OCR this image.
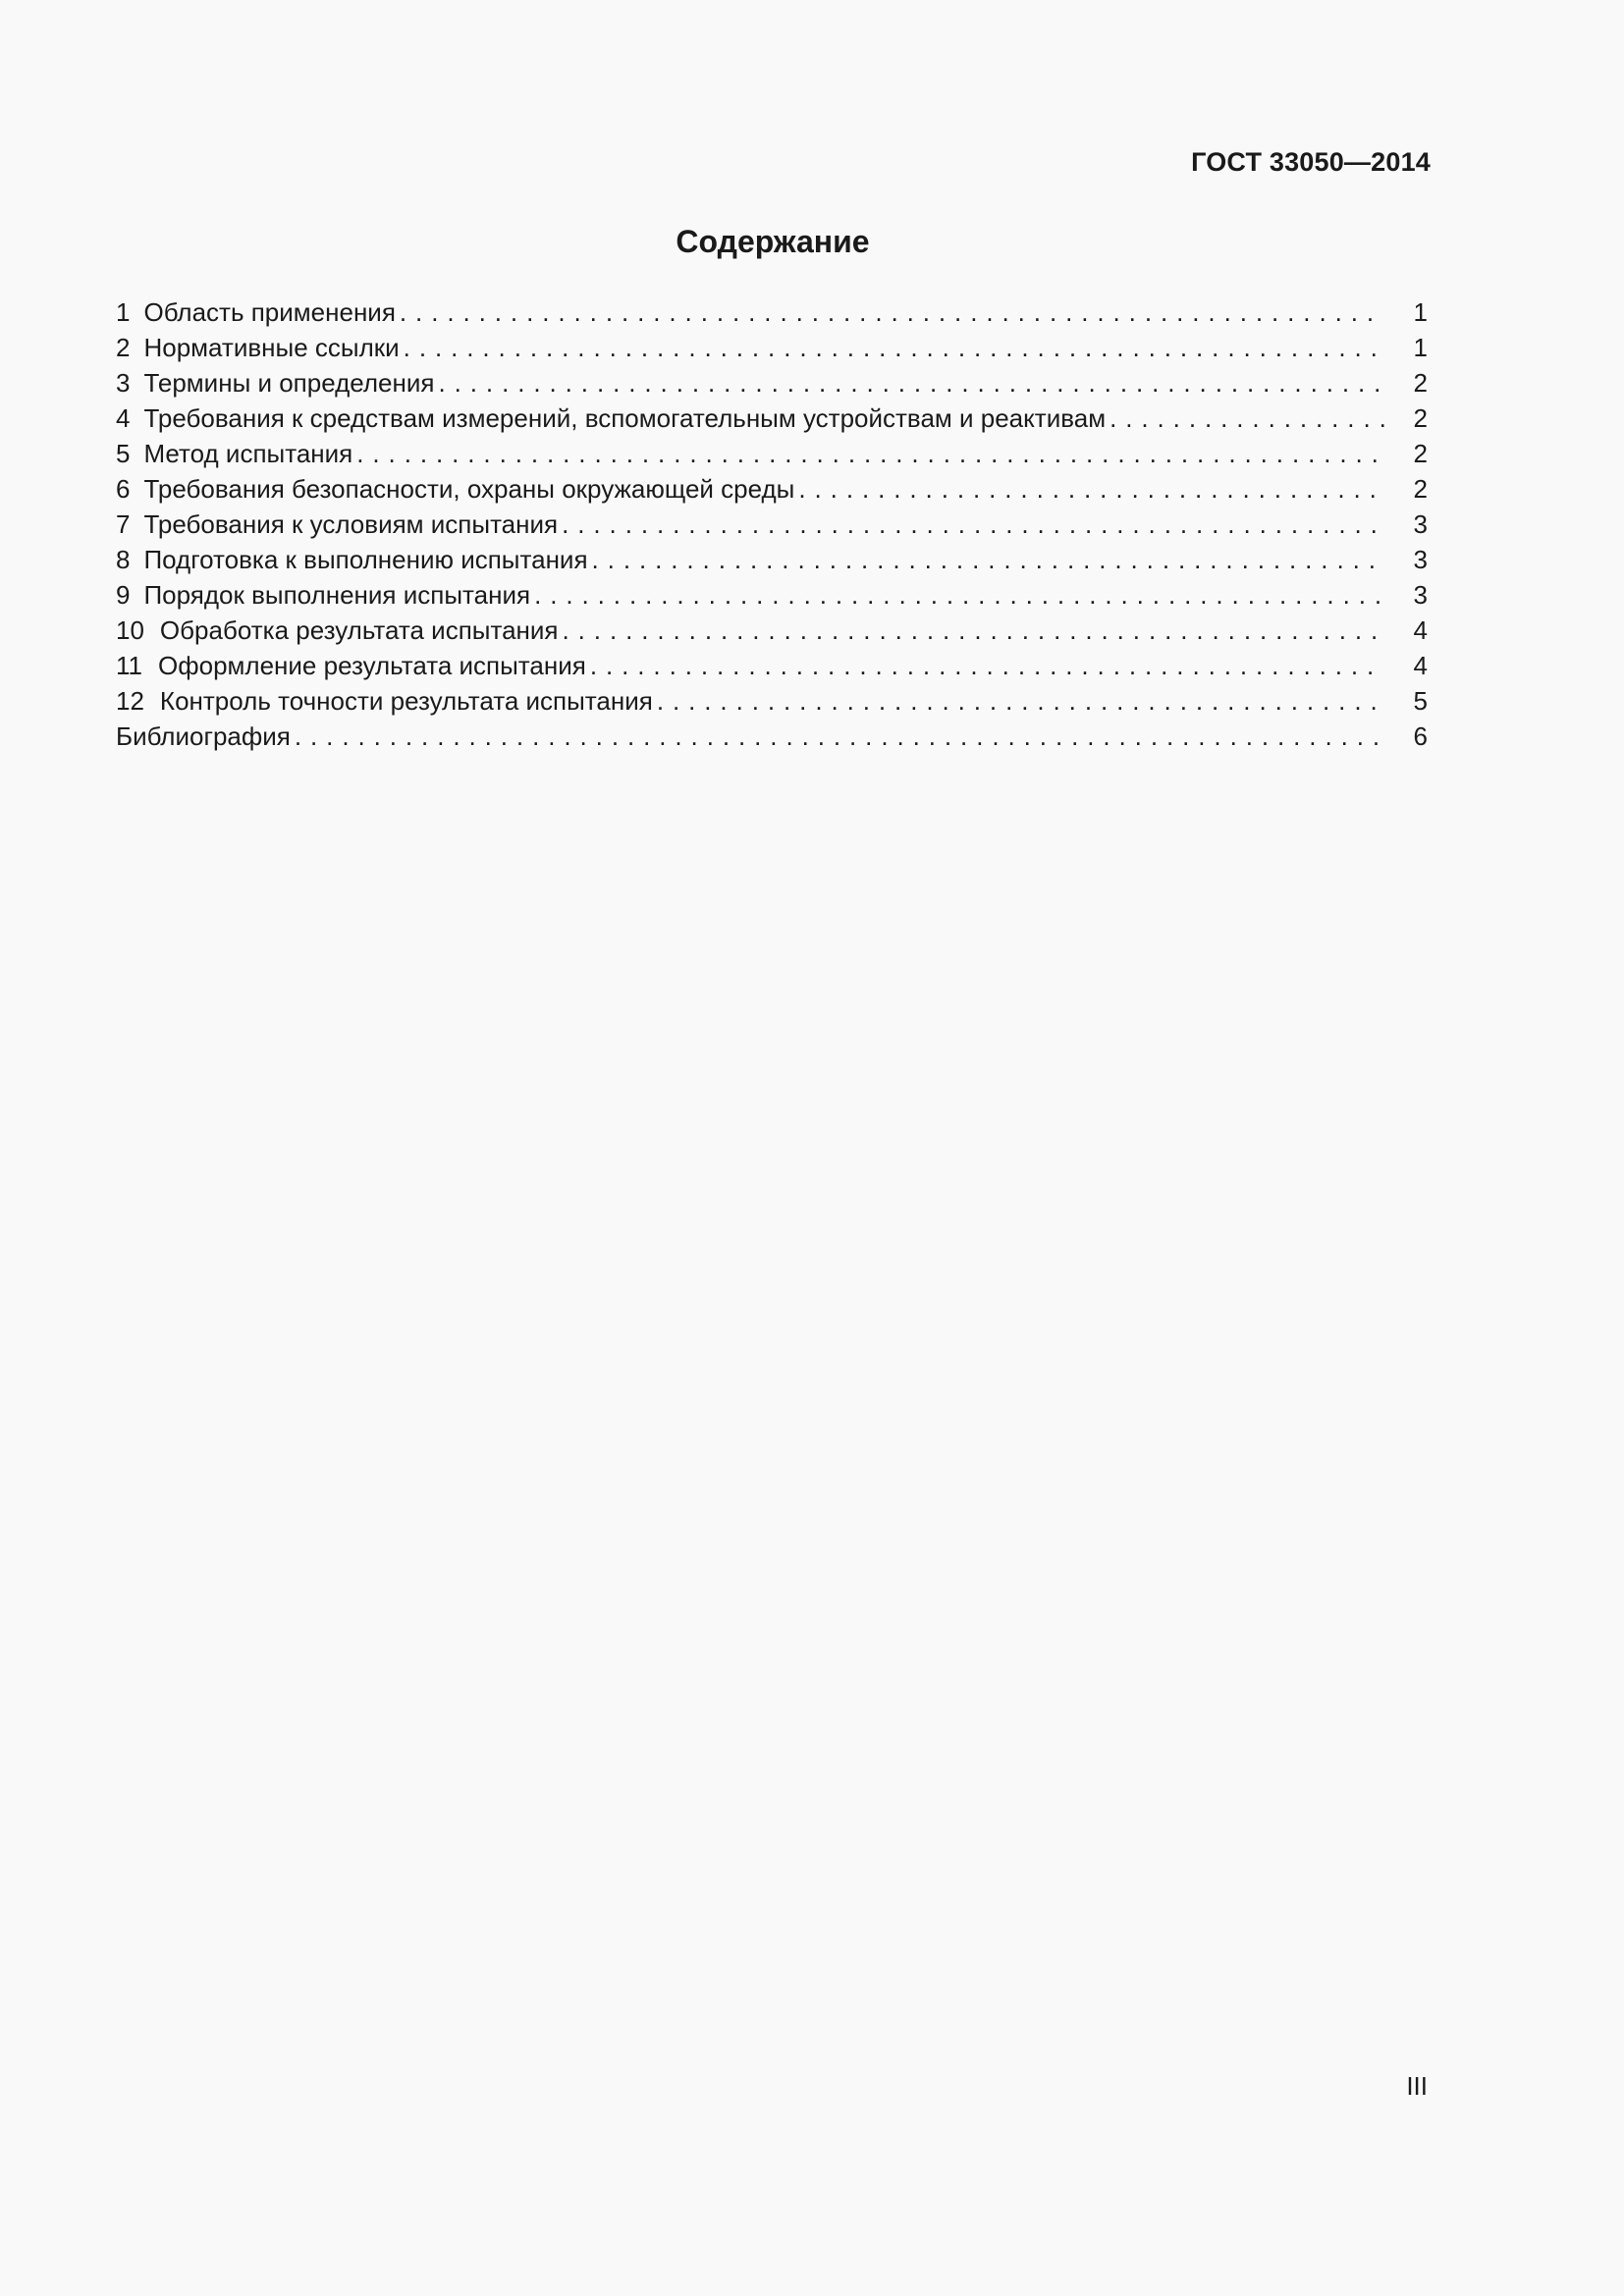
ГОСТ 33050—2014
Содержание
1 Область применения . . .	1
2 Нормативные ссылки . . .	1
3 Термины и определения . . .	2
4 Требования к средствам измерений, вспомогательным устройствам и реактивам . . .	2
5 Метод испытания . . .	2
6 Требования безопасности, охраны окружающей среды . . .	2
7 Требования к условиям испытания . . .	3
8 Подготовка к выполнению испытания . . .	3
9 Порядок выполнения испытания . . .	3
10 Обработка результата испытания . . .	4
11 Оформление результата испытания . . .	4
12 Контроль точности результата испытания . . .	5
Библиография . . .	6
III
